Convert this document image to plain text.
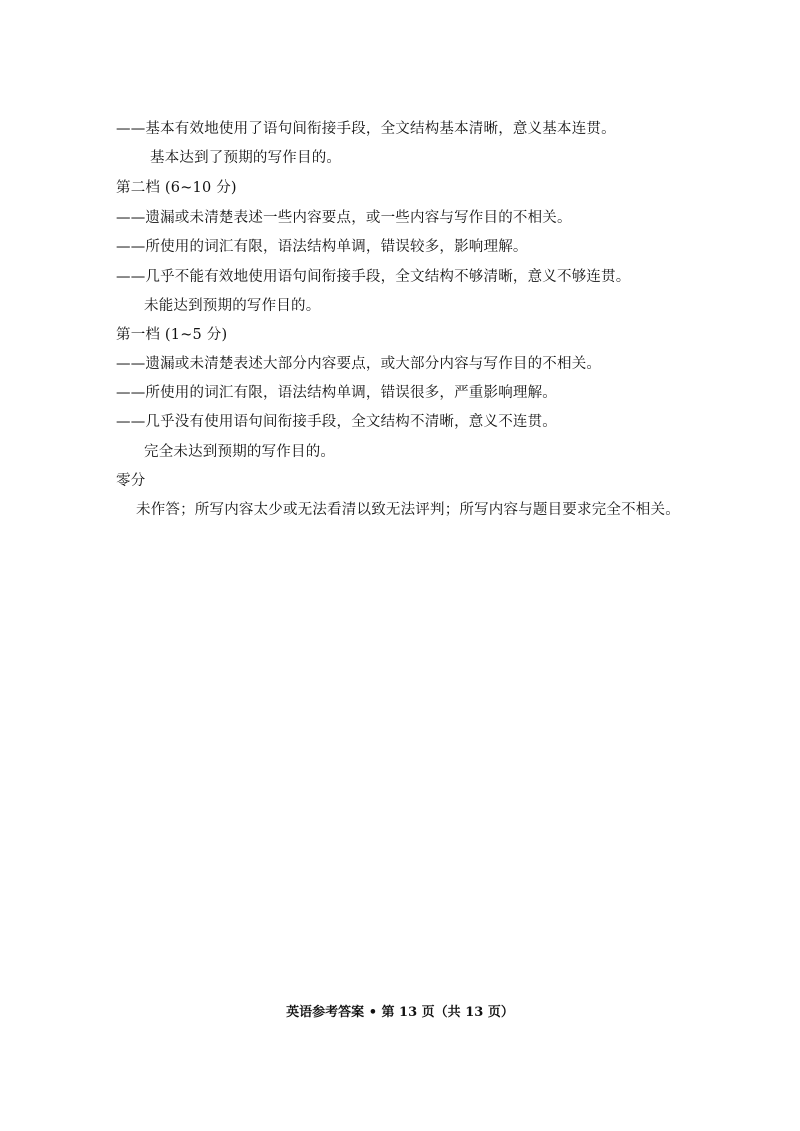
——基本有效地使用了语句间衔接手段，全文结构基本清晰，意义基本连贯。
基本达到了预期的写作目的。
第二档 (6~10 分)
——遗漏或未清楚表述一些内容要点，或一些内容与写作目的不相关。
——所使用的词汇有限，语法结构单调，错误较多，影响理解。
——几乎不能有效地使用语句间衔接手段，全文结构不够清晰，意义不够连贯。
未能达到预期的写作目的。
第一档 (1~5 分)
——遗漏或未清楚表述大部分内容要点，或大部分内容与写作目的不相关。
——所使用的词汇有限，语法结构单调，错误很多，严重影响理解。
——几乎没有使用语句间衔接手段，全文结构不清晰，意义不连贯。
完全未达到预期的写作目的。
零分
未作答；所写内容太少或无法看清以致无法评判；所写内容与题目要求完全不相关。
英语参考答案 • 第 13 页（共 13 页）
